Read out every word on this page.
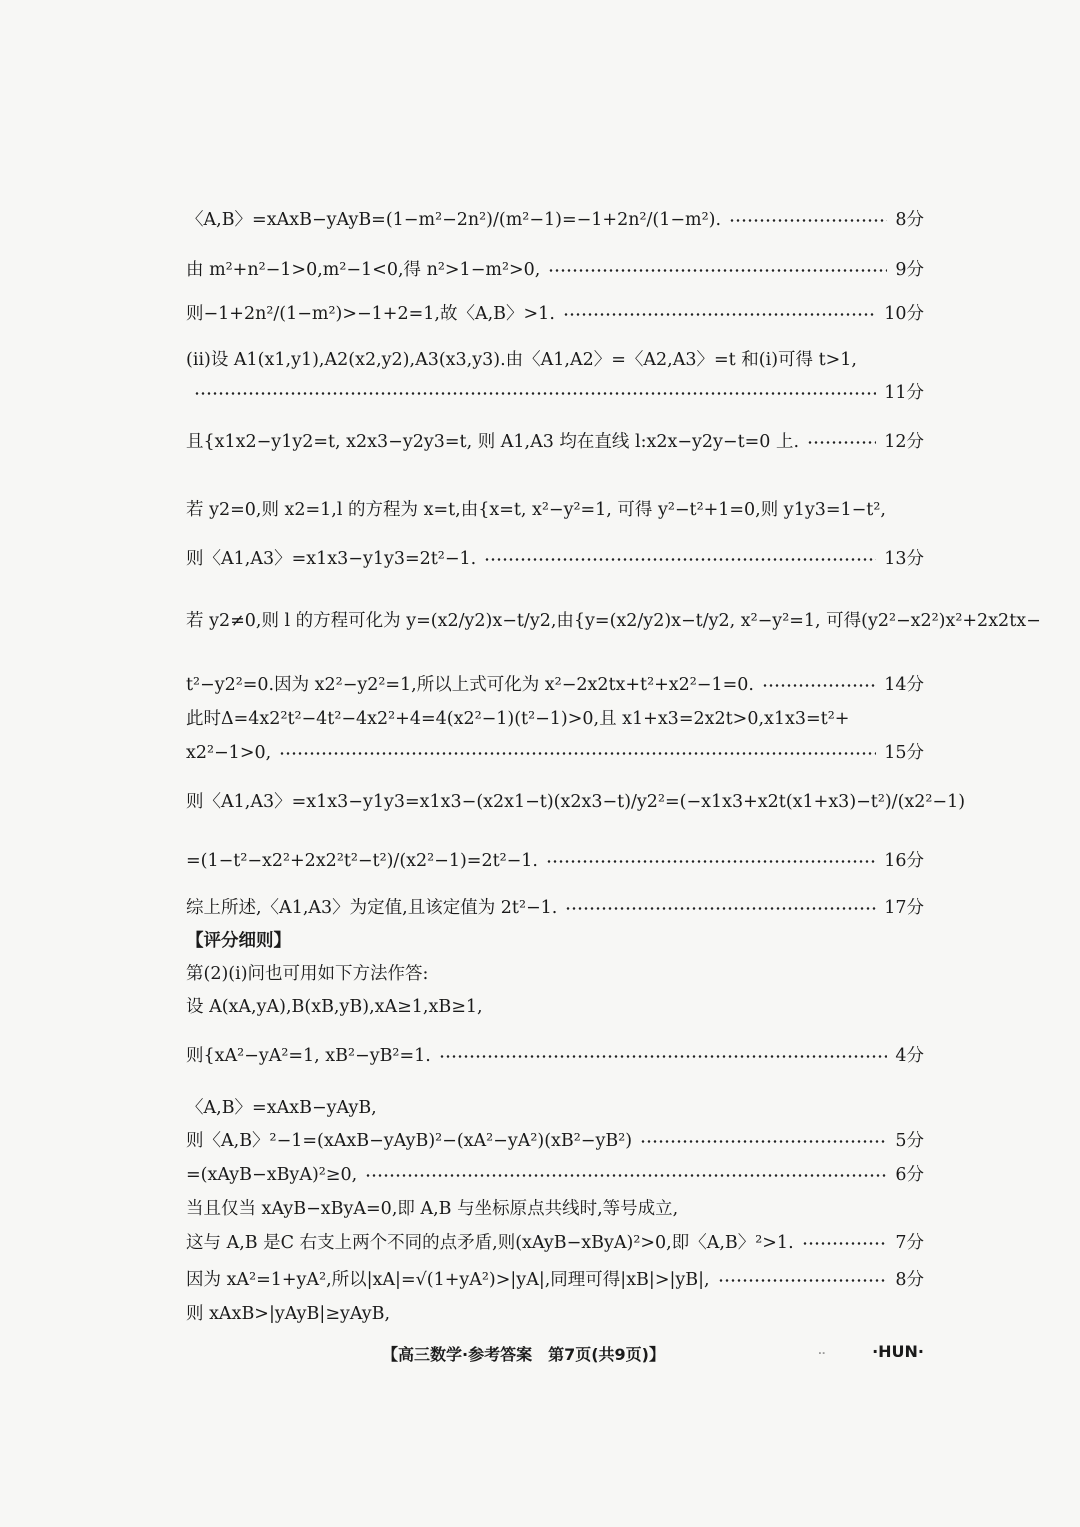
〈A,B〉=xAxB−yAyB=(1−m²−2n²)/(m²−1)=−1+2n²/(1−m²).	8分
由 m²+n²−1>0,m²−1<0,得 n²>1−m²>0,	9分
则−1+2n²/(1−m²)>−1+2=1,故〈A,B〉>1.	10分
(ⅱ)设 A1(x1,y1),A2(x2,y2),A3(x3,y3).由〈A1,A2〉=〈A2,A3〉=t 和(ⅰ)可得 t>1,
11分
且{x1x2−y1y2=t, x2x3−y2y3=t, 则 A1,A3 均在直线 l:x2x−y2y−t=0 上.	12分
若 y2=0,则 x2=1,l 的方程为 x=t,由{x=t, x²−y²=1, 可得 y²−t²+1=0,则 y1y3=1−t²,
则〈A1,A3〉=x1x3−y1y3=2t²−1.	13分
若 y2≠0,则 l 的方程可化为 y=(x2/y2)x−t/y2,由{y=(x2/y2)x−t/y2, x²−y²=1, 可得(y2²−x2²)x²+2x2tx−
t²−y2²=0.因为 x2²−y2²=1,所以上式可化为 x²−2x2tx+t²+x2²−1=0.	14分
此时Δ=4x2²t²−4t²−4x2²+4=4(x2²−1)(t²−1)>0,且 x1+x3=2x2t>0,x1x3=t²+
x2²−1>0,	15分
则〈A1,A3〉=x1x3−y1y3=x1x3−(x2x1−t)(x2x3−t)/y2²=(−x1x3+x2t(x1+x3)−t²)/(x2²−1)
=(1−t²−x2²+2x2²t²−t²)/(x2²−1)=2t²−1.	16分
综上所述,〈A1,A3〉为定值,且该定值为 2t²−1.	17分
【评分细则】
第(2)(ⅰ)问也可用如下方法作答:
设 A(xA,yA),B(xB,yB),xA≥1,xB≥1,
则{xA²−yA²=1, xB²−yB²=1.	4分
〈A,B〉=xAxB−yAyB,
则〈A,B〉²−1=(xAxB−yAyB)²−(xA²−yA²)(xB²−yB²)	5分
=(xAyB−xByA)²≥0,	6分
当且仅当 xAyB−xByA=0,即 A,B 与坐标原点共线时,等号成立,
这与 A,B 是C 右支上两个不同的点矛盾,则(xAyB−xByA)²>0,即〈A,B〉²>1.	7分
因为 xA²=1+yA²,所以|xA|=√(1+yA²)>|yA|,同理可得|xB|>|yB|,	8分
则 xAxB>|yAyB|≥yAyB,
【高三数学·参考答案　第7页(共9页)】	..	·HUN·
